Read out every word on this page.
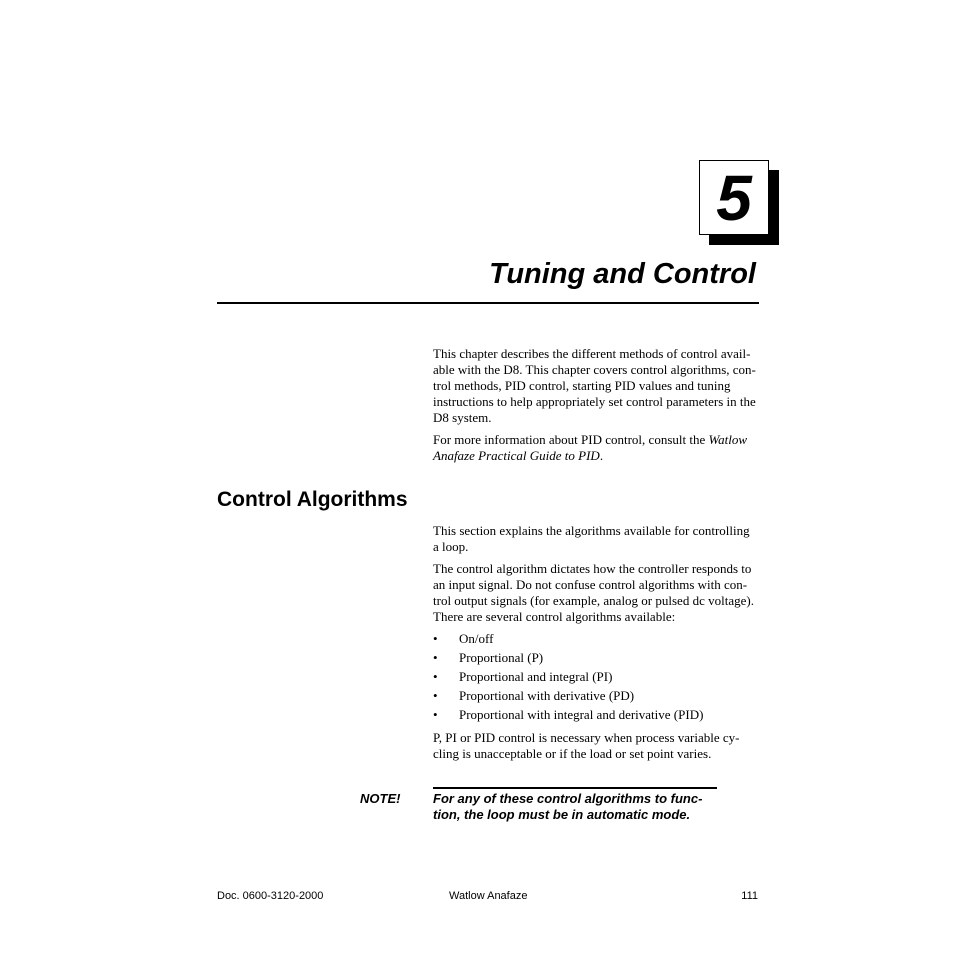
5
Tuning and Control

This chapter describes the different methods of control avail-

able with the D8. This chapter covers control algorithms, con-

trol methods, PID control, starting PID values and tuning

instructions to help appropriately set control parameters in the

D8 system.

For more information about PID control, consult the Watlow

Anafaze Practical Guide to PID.

Control Algorithms

This section explains the algorithms available for controlling

a loop.

The control algorithm dictates how the controller responds to

an input signal. Do not confuse control algorithms with con-

trol output signals (for example, analog or pulsed dc voltage).

There are several control algorithms available:

• On/off
• Proportional (P)
• Proportional and integral (PI)
• Proportional with derivative (PD)
• Proportional with integral and derivative (PID)

P, PI or PID control is necessary when process variable cy-

cling is unacceptable or if the load or set point varies.

NOTE!	For any of these control algorithms to func-
tion, the loop must be in automatic mode.
Doc. 0600-3120-2000	Watlow Anafaze	111
